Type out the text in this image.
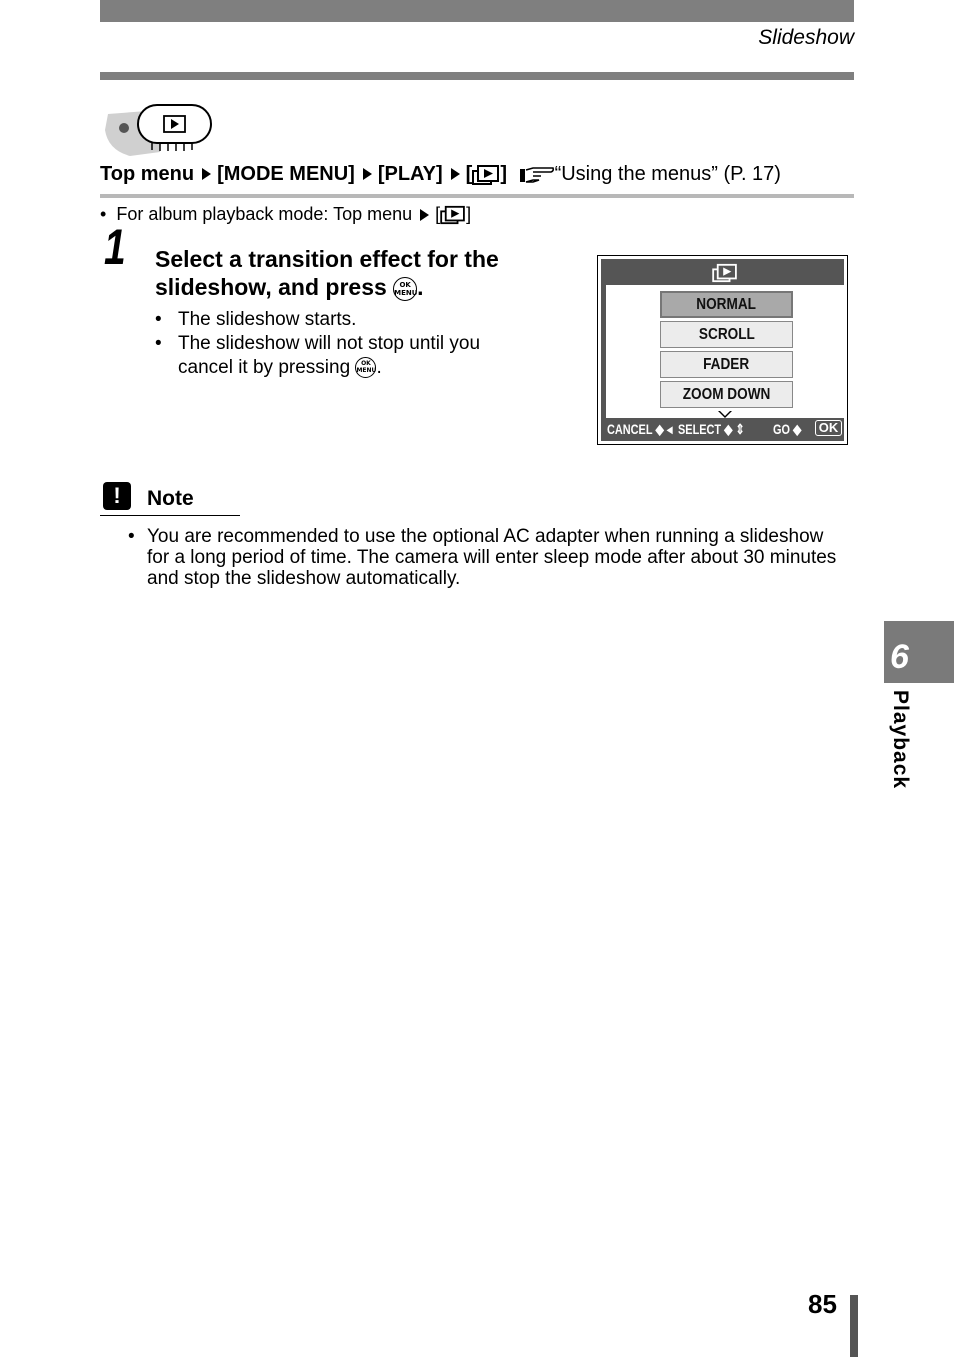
Slideshow
Top menu [MODE MENU] [PLAY] [ ] “Using the menus” (P. 17)
• For album playback mode: Top menu [ ]
1 Select a transition effect for the
slideshow, and press OK
MENU.
• The slideshow starts.
• The slideshow will not stop until you cancel it by pressing OK
MENU.
NORMAL
SCROLL
FADER
ZOOM DOWN
CANCEL ◆ ◂ SELECT ◆ ⇕ GO ◆ OK
!	Note
• You are recommended to use the optional AC adapter when running a slideshow for a long period of time. The camera will enter sleep mode after about 30 minutes and stop the slideshow automatically.
6
Playback
85
